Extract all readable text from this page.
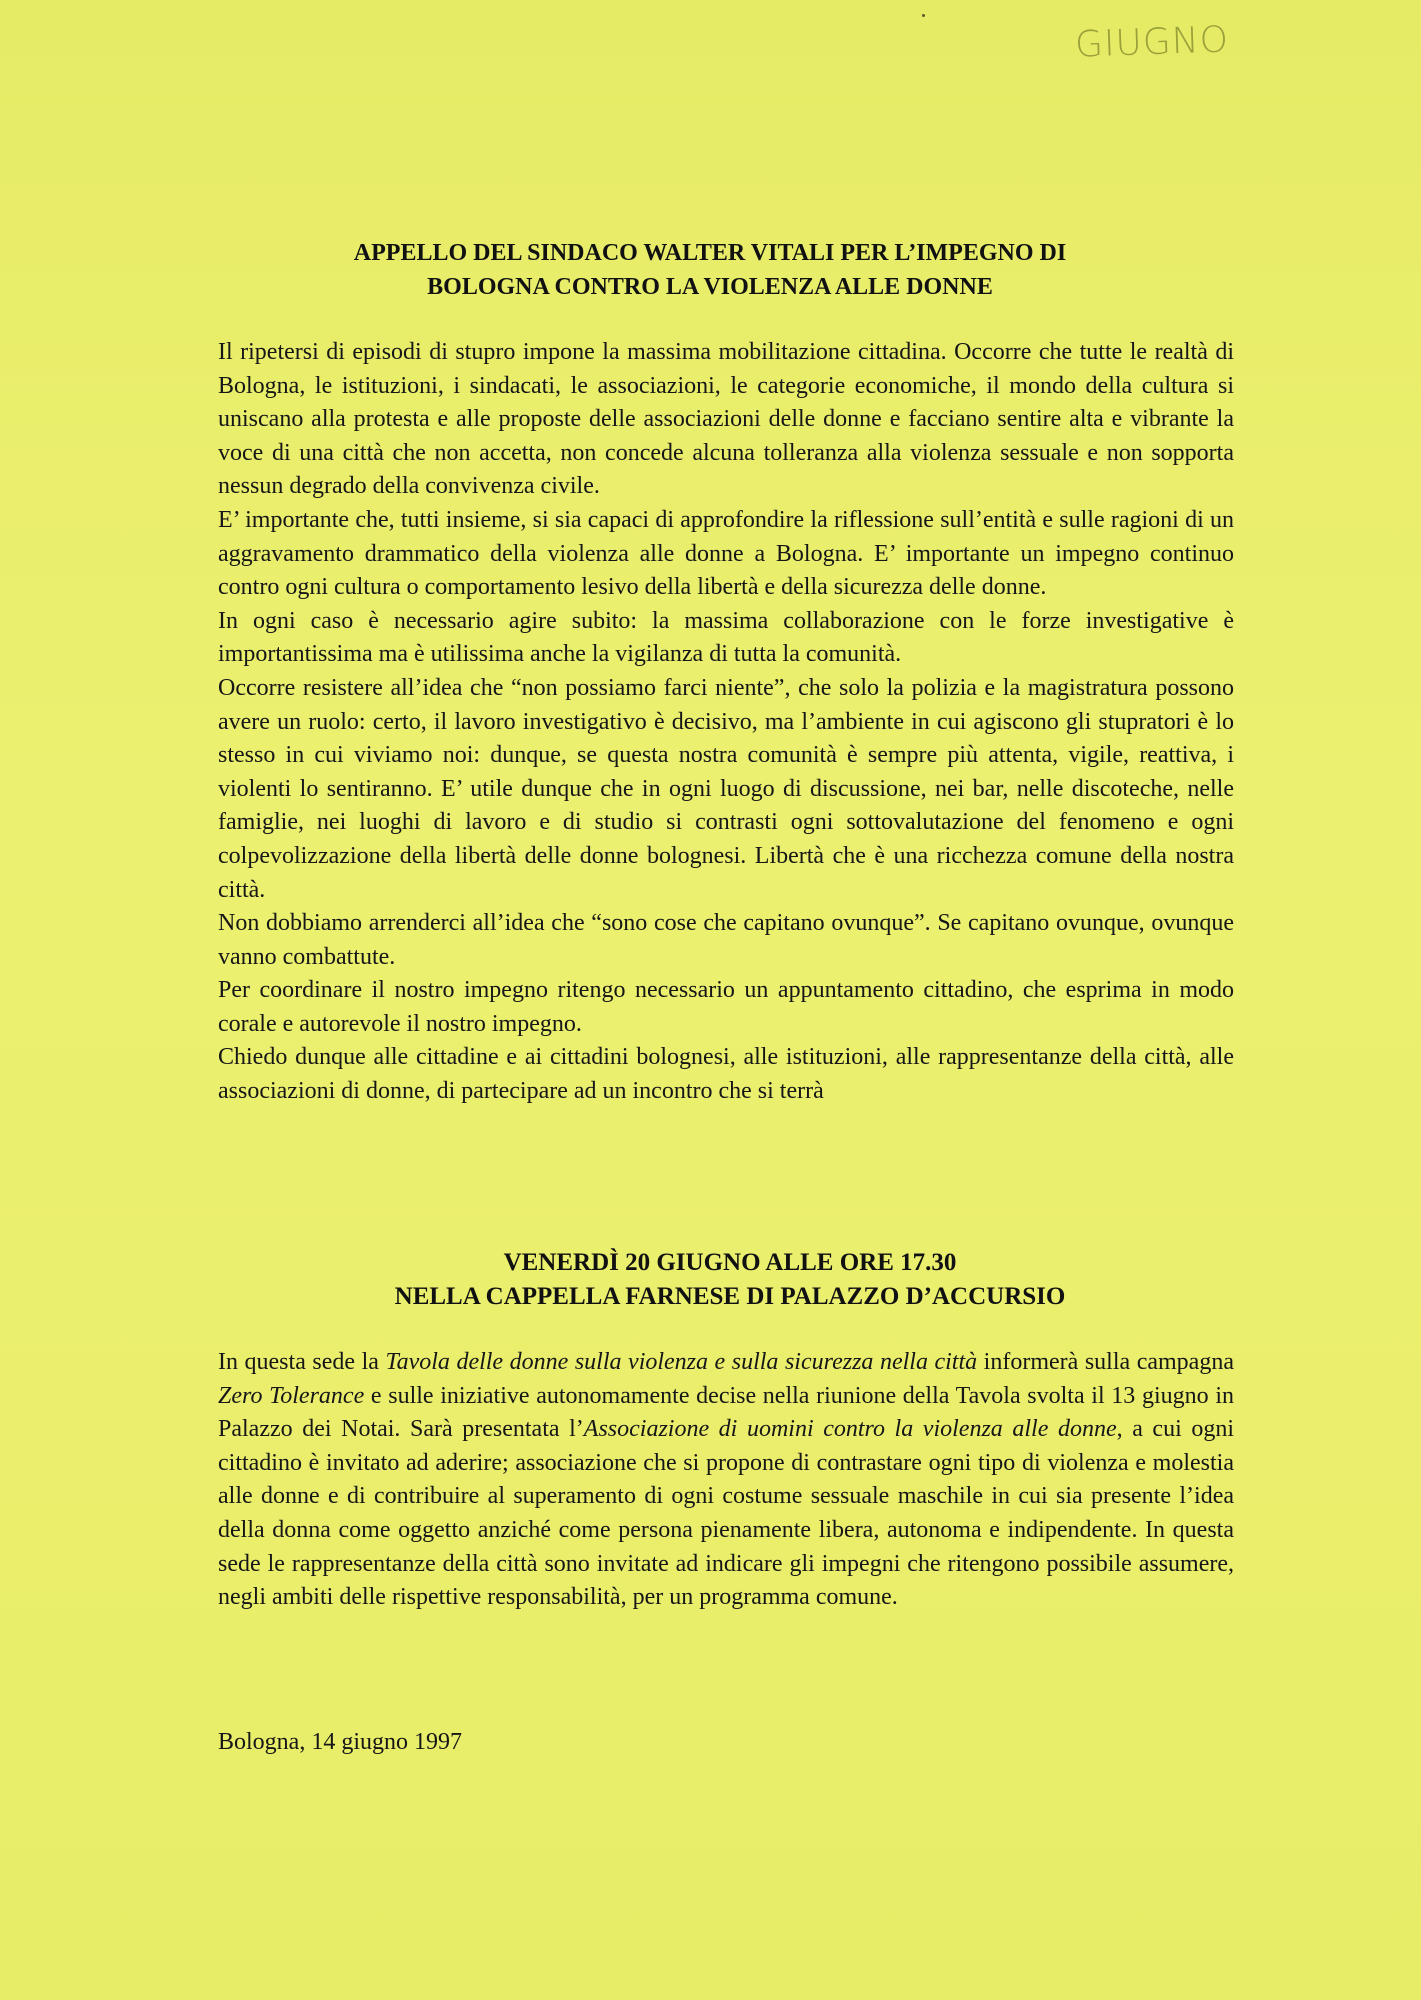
GIUGNO
APPELLO DEL SINDACO WALTER VITALI PER L’IMPEGNO DI
BOLOGNA CONTRO LA VIOLENZA ALLE DONNE

Il ripetersi di episodi di stupro impone la massima mobilitazione cittadina. Occorre che tutte le realtà di Bologna, le istituzioni, i sindacati, le associazioni, le categorie economiche, il mondo della cultura si uniscano alla protesta e alle proposte delle associazioni delle donne e facciano sentire alta e vibrante la voce di una città che non accetta, non concede alcuna tolleranza alla violenza sessuale e non sopporta nessun degrado della convivenza civile.

E’ importante che, tutti insieme, si sia capaci di approfondire la riflessione sull’entità e sulle ragioni di un aggravamento drammatico della violenza alle donne a Bologna. E’ importante un impegno continuo contro ogni cultura o comportamento lesivo della libertà e della sicurezza delle donne.

In ogni caso è necessario agire subito: la massima collaborazione con le forze investigative è importantissima ma è utilissima anche la vigilanza di tutta la comunità.

Occorre resistere all’idea che “non possiamo farci niente”, che solo la polizia e la magistratura possono avere un ruolo: certo, il lavoro investigativo è decisivo, ma l’ambiente in cui agiscono gli stupratori è lo stesso in cui viviamo noi: dunque, se questa nostra comunità è sempre più attenta, vigile, reattiva, i violenti lo sentiranno. E’ utile dunque che in ogni luogo di discussione, nei bar, nelle discoteche, nelle famiglie, nei luoghi di lavoro e di studio si contrasti ogni sottovalutazione del fenomeno e ogni colpevolizzazione della libertà delle donne bolognesi. Libertà che è una ricchezza comune della nostra città.

Non dobbiamo arrenderci all’idea che “sono cose che capitano ovunque”. Se capitano ovunque, ovunque vanno combattute.

Per coordinare il nostro impegno ritengo necessario un appuntamento cittadino, che esprima in modo corale e autorevole il nostro impegno.

Chiedo dunque alle cittadine e ai cittadini bolognesi, alle istituzioni, alle rappresentanze della città, alle associazioni di donne, di partecipare ad un incontro che si terrà

VENERDÌ 20 GIUGNO ALLE ORE 17.30
NELLA CAPPELLA FARNESE DI PALAZZO D’ACCURSIO

In questa sede la Tavola delle donne sulla violenza e sulla sicurezza nella città informerà sulla campagna Zero Tolerance e sulle iniziative autonomamente decise nella riunione della Tavola svolta il 13 giugno in Palazzo dei Notai. Sarà presentata l’Associazione di uomini contro la violenza alle donne, a cui ogni cittadino è invitato ad aderire; associazione che si propone di contrastare ogni tipo di violenza e molestia alle donne e di contribuire al superamento di ogni costume sessuale maschile in cui sia presente l’idea della donna come oggetto anziché come persona pienamente libera, autonoma e indipendente. In questa sede le rappresentanze della città sono invitate ad indicare gli impegni che ritengono possibile assumere, negli ambiti delle rispettive responsabilità, per un programma comune.

Bologna, 14 giugno 1997
